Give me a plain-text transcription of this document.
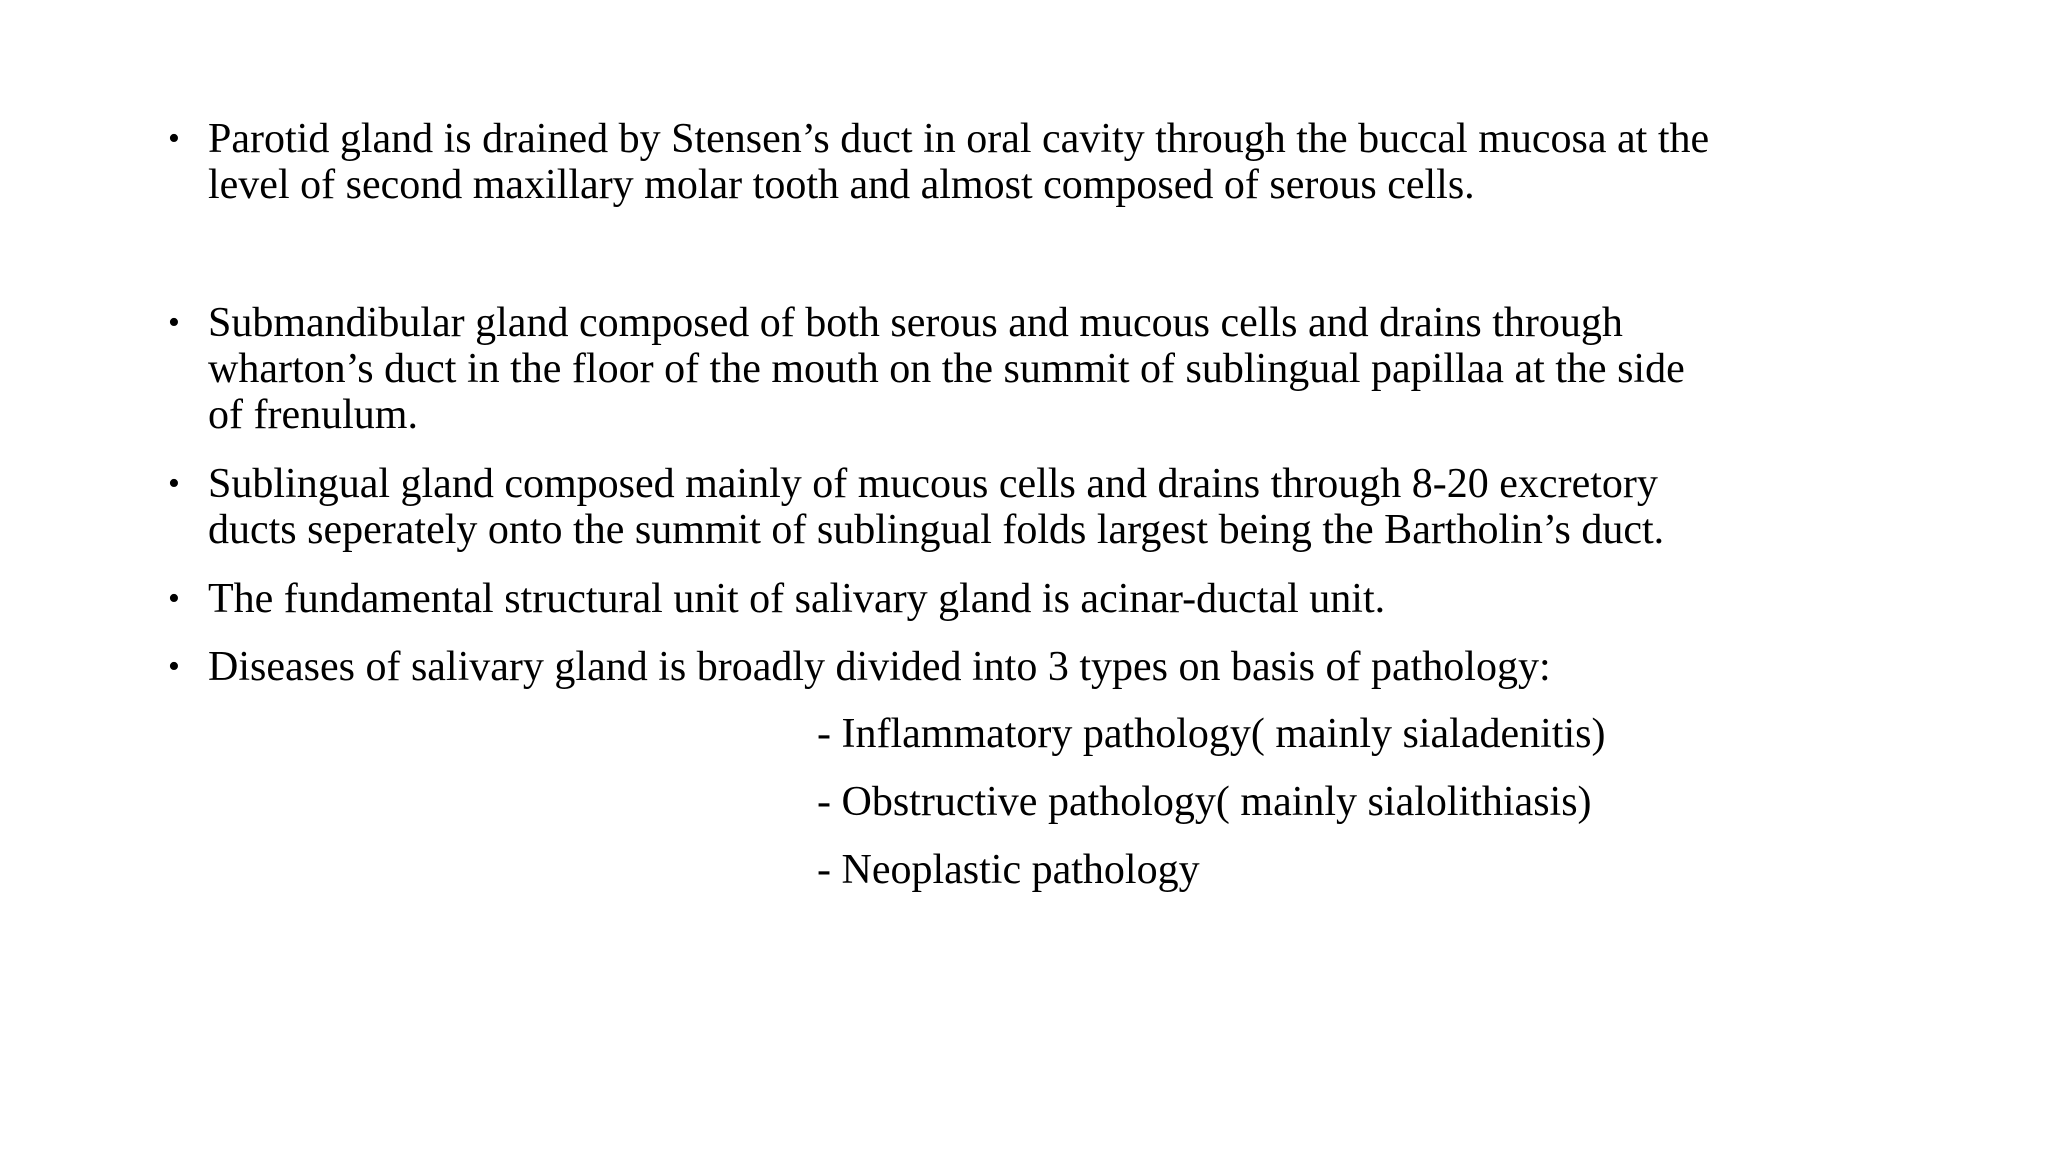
• Parotid gland is drained by Stensen’s duct in oral cavity through the buccal mucosa at the
level of second maxillary molar tooth and almost composed of serous cells.
• Submandibular gland composed of both serous and mucous cells and drains through
wharton’s duct in the floor of the mouth on the summit of sublingual papillaa at the side
of frenulum.
• Sublingual gland composed mainly of mucous cells and drains through 8-20 excretory
ducts seperately onto the summit of sublingual folds largest being the Bartholin’s duct.
• The fundamental structural unit of salivary gland is acinar-ductal unit.
• Diseases of salivary gland is broadly divided into 3 types on basis of pathology:
- Inflammatory pathology( mainly sialadenitis)
- Obstructive pathology( mainly sialolithiasis)
- Neoplastic pathology
